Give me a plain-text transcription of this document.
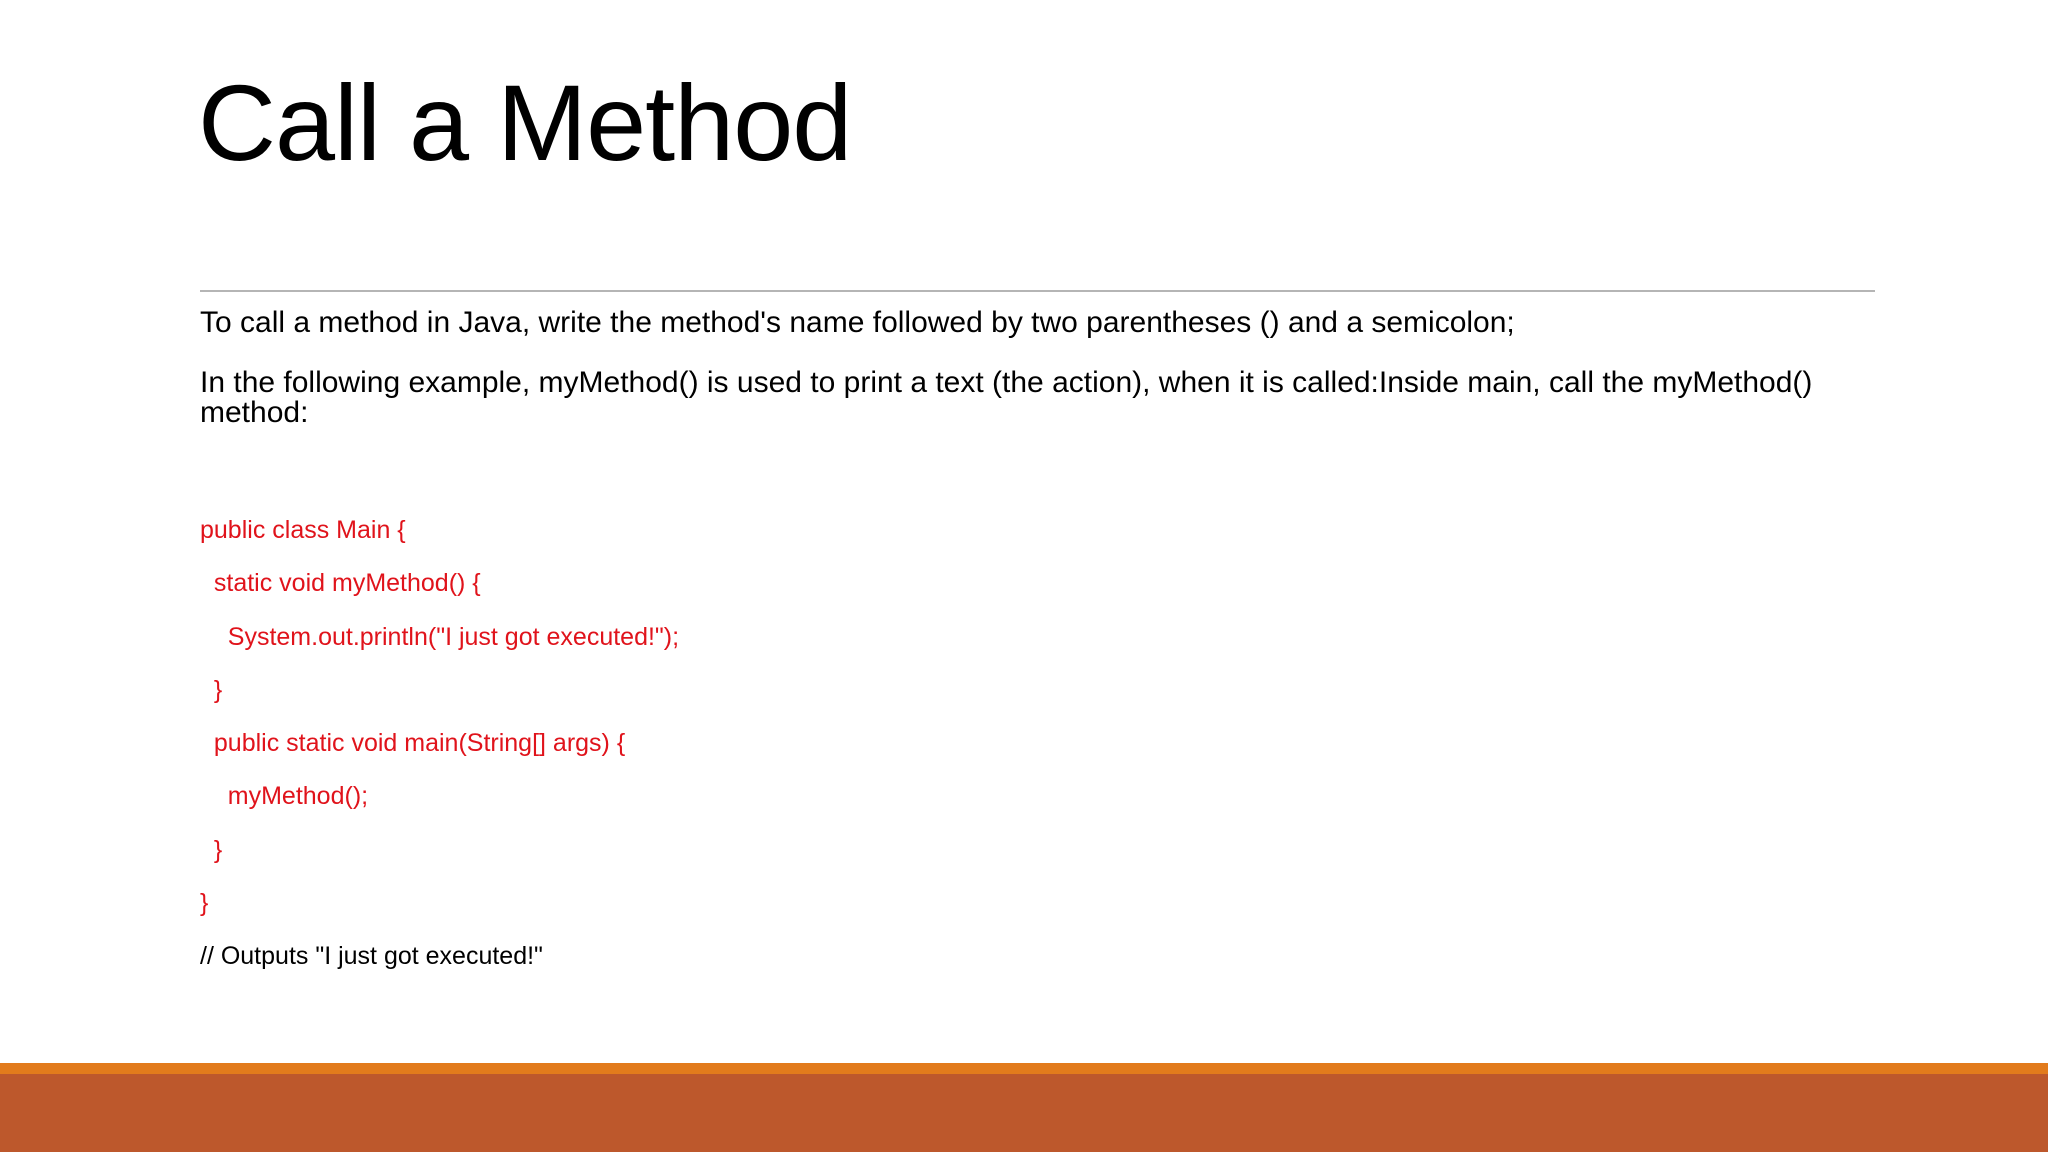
Call a Method

To call a method in Java, write the method's name followed by two parentheses () and a semicolon;

In the following example, myMethod() is used to print a text (the action), when it is called:Inside main, call the myMethod() method:

public class Main {
static void myMethod() {
System.out.println("I just got executed!");
}
public static void main(String[] args) {
myMethod();
}
}
// Outputs "I just got executed!"
